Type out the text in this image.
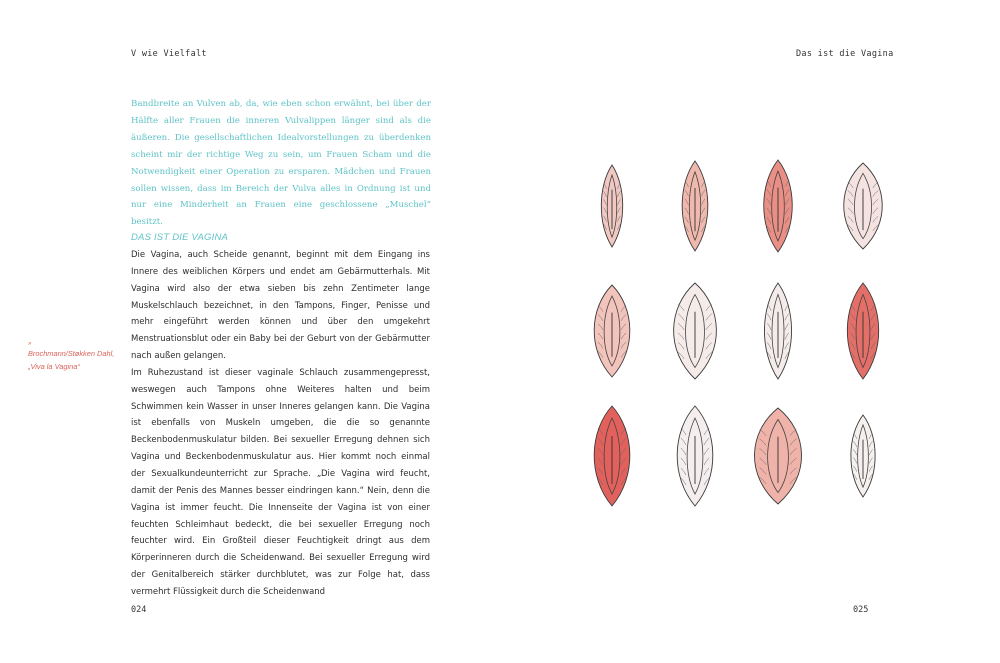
V wie Vielfalt

Bandbreite an Vulven ab, da, wie eben schon erwähnt, bei über der Hälfte aller Frauen die inneren Vulvalippen länger sind als die äußeren. Die gesellschaftlichen Idealvorstellungen zu überdenken scheint mir der richtige Weg zu sein, um Frauen Scham und die Notwendigkeit einer Operation zu ersparen. Mädchen und Frauen sollen wissen, dass im Bereich der Vulva alles in Ordnung ist und nur eine Minderheit an Frauen eine geschlossene „Muschel“ besitzt.

DAS IST DIE VAGINA

Die Vagina, auch Scheide genannt, beginnt mit dem Eingang ins Innere des weiblichen Körpers und endet am Gebärmutterhals. Mit Vagina wird also der etwa sieben bis zehn Zentimeter lange Muskelschlauch bezeichnet, in den Tampons, Finger, Penisse und mehr eingeführt werden können und über den umgekehrt Menstruationsblut oder ein Baby bei der Geburt von der Gebärmutter nach außen gelangen.

Im Ruhezustand ist dieser vaginale Schlauch zusammengepresst, weswegen auch Tampons ohne Weiteres halten und beim Schwimmen kein Wasser in unser Inneres gelangen kann. Die Vagina ist ebenfalls von Muskeln umgeben, die die so genannte Beckenbodenmuskulatur bilden. Bei sexueller Erregung dehnen sich Vagina und Beckenbodenmuskulatur aus. Hier kommt noch einmal der Sexualkundeunterricht zur Sprache. „Die Vagina wird feucht, damit der Penis des Mannes besser eindringen kann.“ Nein, denn die Vagina ist immer feucht. Die Innenseite der Vagina ist von einer feuchten Schleimhaut bedeckt, die bei sexueller Erregung noch feuchter wird. Ein Großteil dieser Feuchtigkeit dringt aus dem Körperinneren durch die Scheidenwand. Bei sexueller Erregung wird der Genitalbereich stärker durchblutet, was zur Folge hat, dass vermehrt Flüssigkeit durch die Scheidenwand

»
Brochmann/Støkken Dahl,
„Viva la Vagina“
024
Das ist die Vagina
025
